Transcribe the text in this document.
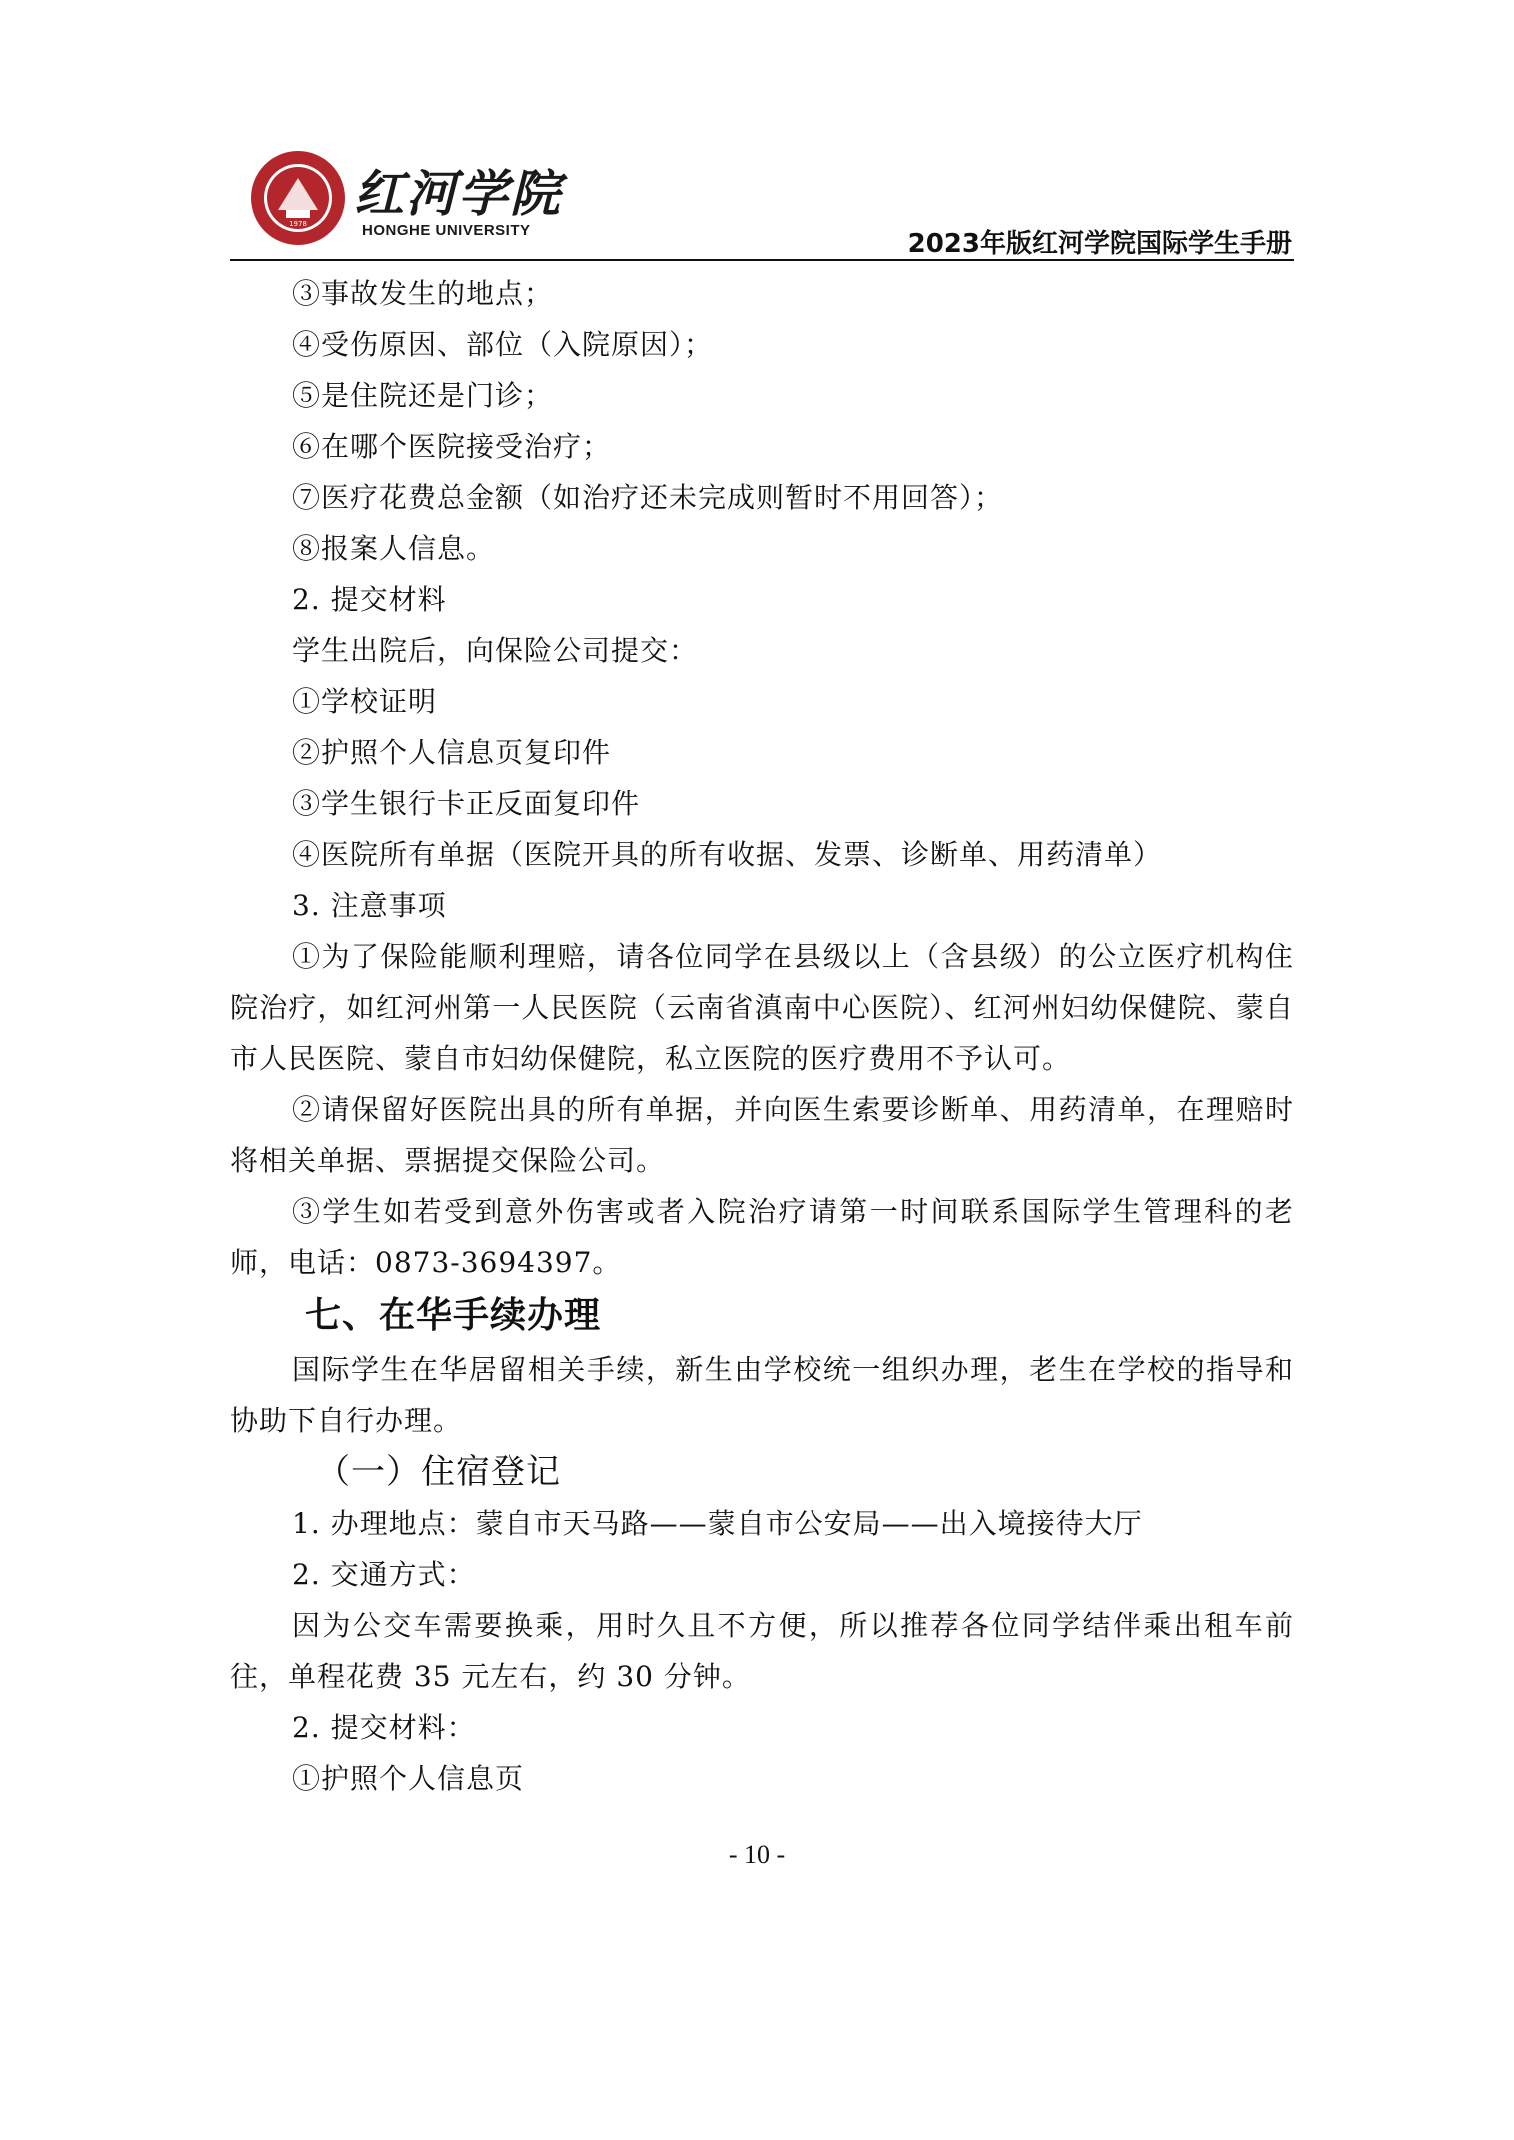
1978
红河学院
HONGHE UNIVERSITY	2023年版红河学院国际学生手册

③事故发生的地点；

④受伤原因、部位（入院原因）；

⑤是住院还是门诊；

⑥在哪个医院接受治疗；

⑦医疗花费总金额（如治疗还未完成则暂时不用回答）；

⑧报案人信息。

2. 提交材料

学生出院后，向保险公司提交：

①学校证明

②护照个人信息页复印件

③学生银行卡正反面复印件

④医院所有单据（医院开具的所有收据、发票、诊断单、用药清单）

3. 注意事项

①为了保险能顺利理赔，请各位同学在县级以上（含县级）的公立医疗机构住院治疗，如红河州第一人民医院（云南省滇南中心医院）、红河州妇幼保健院、蒙自市人民医院、蒙自市妇幼保健院，私立医院的医疗费用不予认可。

②请保留好医院出具的所有单据，并向医生索要诊断单、用药清单，在理赔时将相关单据、票据提交保险公司。

③学生如若受到意外伤害或者入院治疗请第一时间联系国际学生管理科的老师，电话：0873-3694397。

七、在华手续办理

国际学生在华居留相关手续，新生由学校统一组织办理，老生在学校的指导和协助下自行办理。

（一）住宿登记

1. 办理地点：蒙自市天马路——蒙自市公安局——出入境接待大厅

2. 交通方式：

因为公交车需要换乘，用时久且不方便，所以推荐各位同学结伴乘出租车前往，单程花费 35 元左右，约 30 分钟。

2. 提交材料：

①护照个人信息页

- 10 -
